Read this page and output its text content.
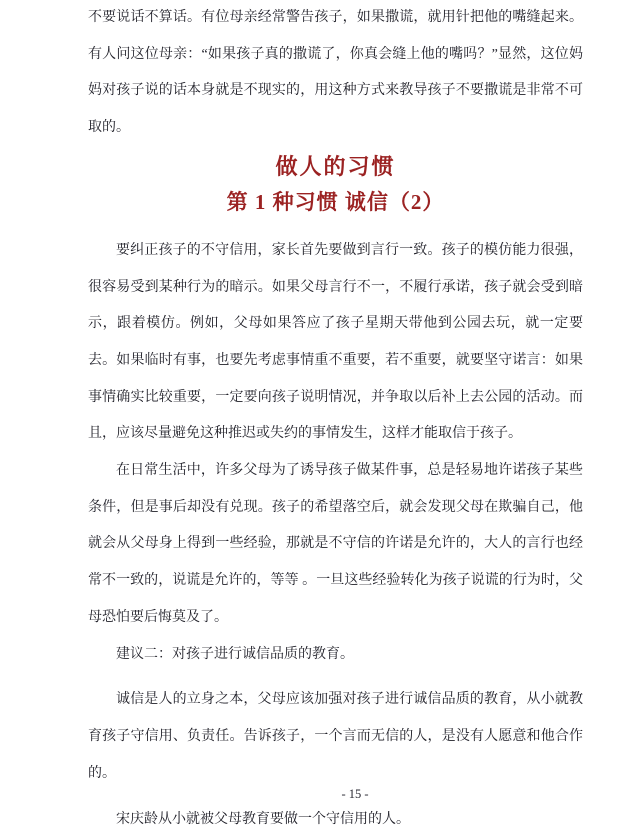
不要说话不算话。有位母亲经常警告孩子，如果撒谎，就用针把他的嘴缝起来。有人问这位母亲：“如果孩子真的撒谎了，你真会缝上他的嘴吗？”显然，这位妈妈对孩子说的话本身就是不现实的，用这种方式来教导孩子不要撒谎是非常不可取的。

做人的习惯
第 1 种习惯 诚信（2）

要纠正孩子的不守信用，家长首先要做到言行一致。孩子的模仿能力很强，很容易受到某种行为的暗示。如果父母言行不一，不履行承诺，孩子就会受到暗示，跟着模仿。例如，父母如果答应了孩子星期天带他到公园去玩，就一定要去。如果临时有事，也要先考虑事情重不重要，若不重要，就要坚守诺言：如果事情确实比较重要，一定要向孩子说明情况，并争取以后补上去公园的活动。而且，应该尽量避免这种推迟或失约的事情发生，这样才能取信于孩子。

在日常生活中，许多父母为了诱导孩子做某件事，总是轻易地许诺孩子某些条件，但是事后却没有兑现。孩子的希望落空后，就会发现父母在欺骗自己，他就会从父母身上得到一些经验，那就是不守信的许诺是允许的，大人的言行也经常不一致的，说谎是允许的，等等 。一旦这些经验转化为孩子说谎的行为时，父母恐怕要后悔莫及了。

建议二：对孩子进行诚信品质的教育。

诚信是人的立身之本，父母应该加强对孩子进行诚信品质的教育，从小就教育孩子守信用、负责任。告诉孩子，一个言而无信的人，是没有人愿意和他合作的。

宋庆龄从小就被父母教育要做一个守信用的人。

- 15 -
